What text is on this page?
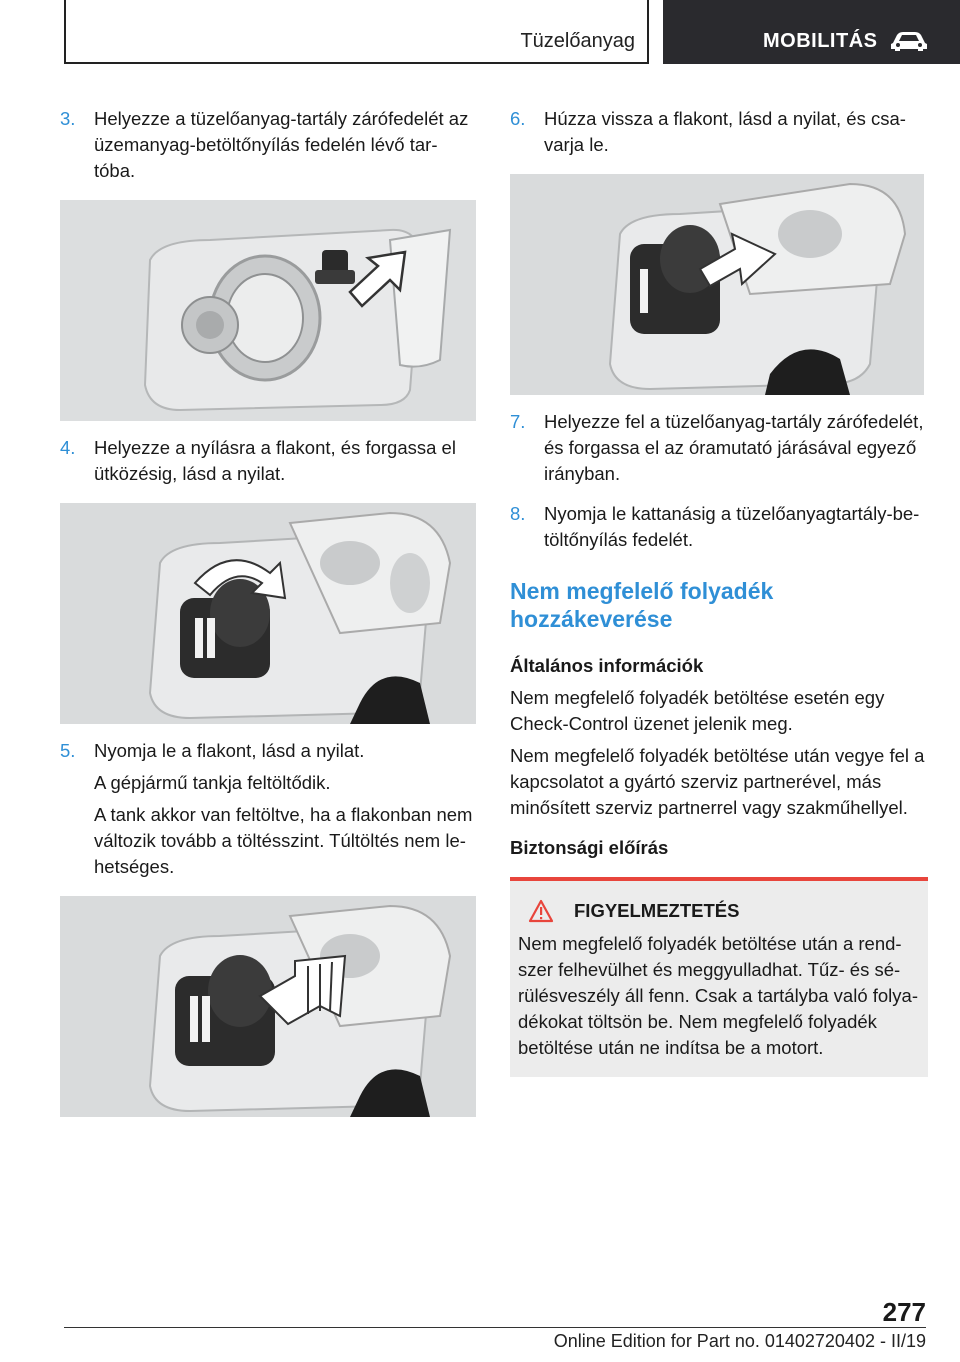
Tüzelőanyag	MOBILITÁS
3.	Helyezze a tüzelőanyag-tartály zárófedelét az üzemanyag-betöltőnyílás fedelén lévő tar-tóba.

4.	Helyezze a nyílásra a flakont, és forgassa el ütközésig, lásd a nyilat.

5.	Nyomja le a flakont, lásd a nyilat.

A gépjármű tankja feltöltődik.

A tank akkor van feltöltve, ha a flakonban nem változik tovább a töltésszint. Túltöltés nem le-hetséges.

6.	Húzza vissza a flakont, lásd a nyilat, és csa-varja le.

7.	Helyezze fel a tüzelőanyag-tartály zárófedelét, és forgassa el az óramutató járásával egyező irányban.

8.	Nyomja le kattanásig a tüzelőanyagtartály-be-töltőnyílás fedelét.

Nem megfelelő folyadék hozzákeverése
Általános információk

Nem megfelelő folyadék betöltése esetén egy Check-Control üzenet jelenik meg.

Nem megfelelő folyadék betöltése után vegye fel a kapcsolatot a gyártó szerviz partnerével, más minősített szerviz partnerrel vagy szakműhellyel.

Biztonsági előírás
FIGYELMEZTETÉS

Nem megfelelő folyadék betöltése után a rend-szer felhevülhet és meggyulladhat. Tűz- és sé-rülésveszély áll fenn. Csak a tartályba való folya-dékokat töltsön be. Nem megfelelő folyadék betöltése után ne indítsa be a motort.

277
Online Edition for Part no. 01402720402 - II/19
